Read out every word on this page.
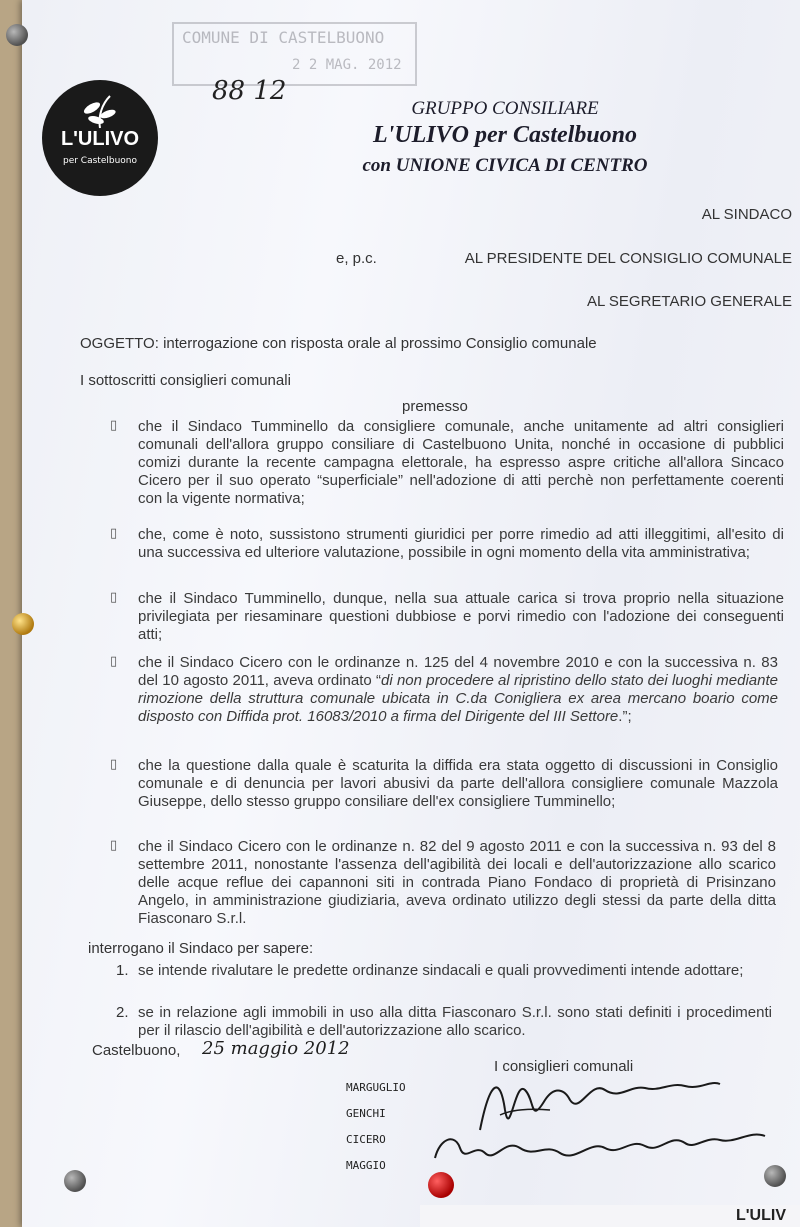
COMUNE DI CASTELBUONO
2 2 MAG. 2012
88 12
L'ULIVO
per Castelbuono
GRUPPO CONSILIARE
L'ULIVO per Castelbuono
con UNIONE CIVICA DI CENTRO
AL SINDACO
e, p.c.	AL PRESIDENTE DEL CONSIGLIO COMUNALE
AL SEGRETARIO GENERALE
OGGETTO: interrogazione con risposta orale al prossimo Consiglio comunale
I sottoscritti consiglieri comunali
premesso
▯ che il Sindaco Tumminello da consigliere comunale, anche unitamente ad altri consiglieri comunali dell'allora gruppo consiliare di Castelbuono Unita, nonché in occasione di pubblici comizi durante la recente campagna elettorale, ha espresso aspre critiche all'allora Sincaco Cicero per il suo operato “superficiale” nell'adozione di atti perchè non perfettamente coerenti con la vigente normativa;
▯ che, come è noto, sussistono strumenti giuridici per porre rimedio ad atti illeggitimi, all'esito di una successiva ed ulteriore valutazione, possibile in ogni momento della vita amministrativa;
▯ che il Sindaco Tumminello, dunque, nella sua attuale carica si trova proprio nella situazione privilegiata per riesaminare questioni dubbiose e porvi rimedio con l'adozione dei conseguenti atti;
▯ che il Sindaco Cicero con le ordinanze n. 125 del 4 novembre 2010 e con la successiva n. 83 del 10 agosto 2011, aveva ordinato “di non procedere al ripristino dello stato dei luoghi mediante rimozione della struttura comunale ubicata in C.da Conigliera ex area mercano boario come disposto con Diffida prot. 16083/2010 a firma del Dirigente del III Settore.”;
▯ che la questione dalla quale è scaturita la diffida era stata oggetto di discussioni in Consiglio comunale e di denuncia per lavori abusivi da parte dell'allora consigliere comunale Mazzola Giuseppe, dello stesso gruppo consiliare dell'ex consigliere Tumminello;
▯ che il Sindaco Cicero con le ordinanze n. 82 del 9 agosto 2011 e con la successiva n. 93 del 8 settembre 2011, nonostante l'assenza dell'agibilità dei locali e dell'autorizzazione allo scarico delle acque reflue dei capannoni siti in contrada Piano Fondaco di proprietà di Prisinzano Angelo, in amministrazione giudiziaria, aveva ordinato utilizzo degli stessi da parte della ditta Fiasconaro S.r.l.
interrogano il Sindaco per sapere:
1. se intende rivalutare le predette ordinanze sindacali e quali provvedimenti intende adottare;
2. se in relazione agli immobili in uso alla ditta Fiasconaro S.r.l. sono stati definiti i procedimenti per il rilascio dell'agibilità e dell'autorizzazione allo scarico.
Castelbuono, 25 maggio 2012
I consiglieri comunali
MARGUGLIO
GENCHI
CICERO
MAGGIO
L'ULIV
